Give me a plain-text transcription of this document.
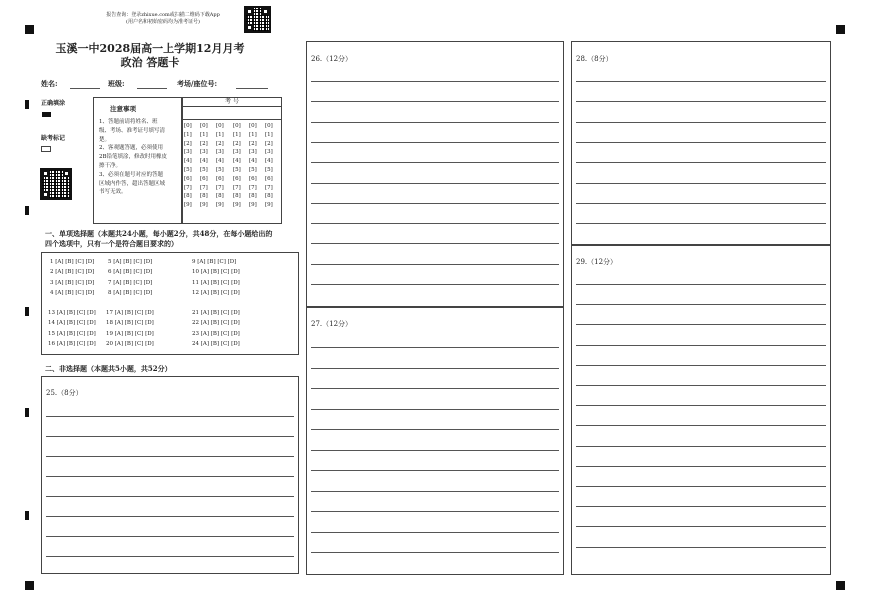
报告查询：登录zhixue.com或扫描二维码下载App
(用户名和初始密码均为准考证号)
玉溪一中2028届高一上学期12月月考
政治 答题卡
姓名:	班级:	考场/座位号:
正确填涂
缺考标记
注意事项
1、答题前请将姓名、班
级、考场、准考证号填写清
楚。
2、客观题答题，必须使用
2B铅笔填涂，修改时用橡皮
擦干净。
3、必须在题号对应的答题
区域内作答，超出答题区域
书写无效。
考 号
[0]
[1]
[2]
[3]
[4]
[5]
[6]
[7]
[8]
[9]
[0]
[1]
[2]
[3]
[4]
[5]
[6]
[7]
[8]
[9]
[0]
[1]
[2]
[3]
[4]
[5]
[6]
[7]
[8]
[9]
[0]
[1]
[2]
[3]
[4]
[5]
[6]
[7]
[8]
[9]
[0]
[1]
[2]
[3]
[4]
[5]
[6]
[7]
[8]
[9]
[0]
[1]
[2]
[3]
[4]
[5]
[6]
[7]
[8]
[9]
一、单项选择题（本题共24小题，每小题2分，共48分，在每小题给出的
四个选项中，只有一个是符合题目要求的）
1 [A] [B] [C] [D]
2 [A] [B] [C] [D]
3 [A] [B] [C] [D]
4 [A] [B] [C] [D]
5 [A] [B] [C] [D]
6 [A] [B] [C] [D]
7 [A] [B] [C] [D]
8 [A] [B] [C] [D]
9 [A] [B] [C] [D]
10 [A] [B] [C] [D]
11 [A] [B] [C] [D]
12 [A] [B] [C] [D]
13 [A] [B] [C] [D]
14 [A] [B] [C] [D]
15 [A] [B] [C] [D]
16 [A] [B] [C] [D]
17 [A] [B] [C] [D]
18 [A] [B] [C] [D]
19 [A] [B] [C] [D]
20 [A] [B] [C] [D]
21 [A] [B] [C] [D]
22 [A] [B] [C] [D]
23 [A] [B] [C] [D]
24 [A] [B] [C] [D]
二、非选择题（本题共5小题，共52分）
25.（8分）
26.（12分）
27.（12分）
28.（8分）
29.（12分）
